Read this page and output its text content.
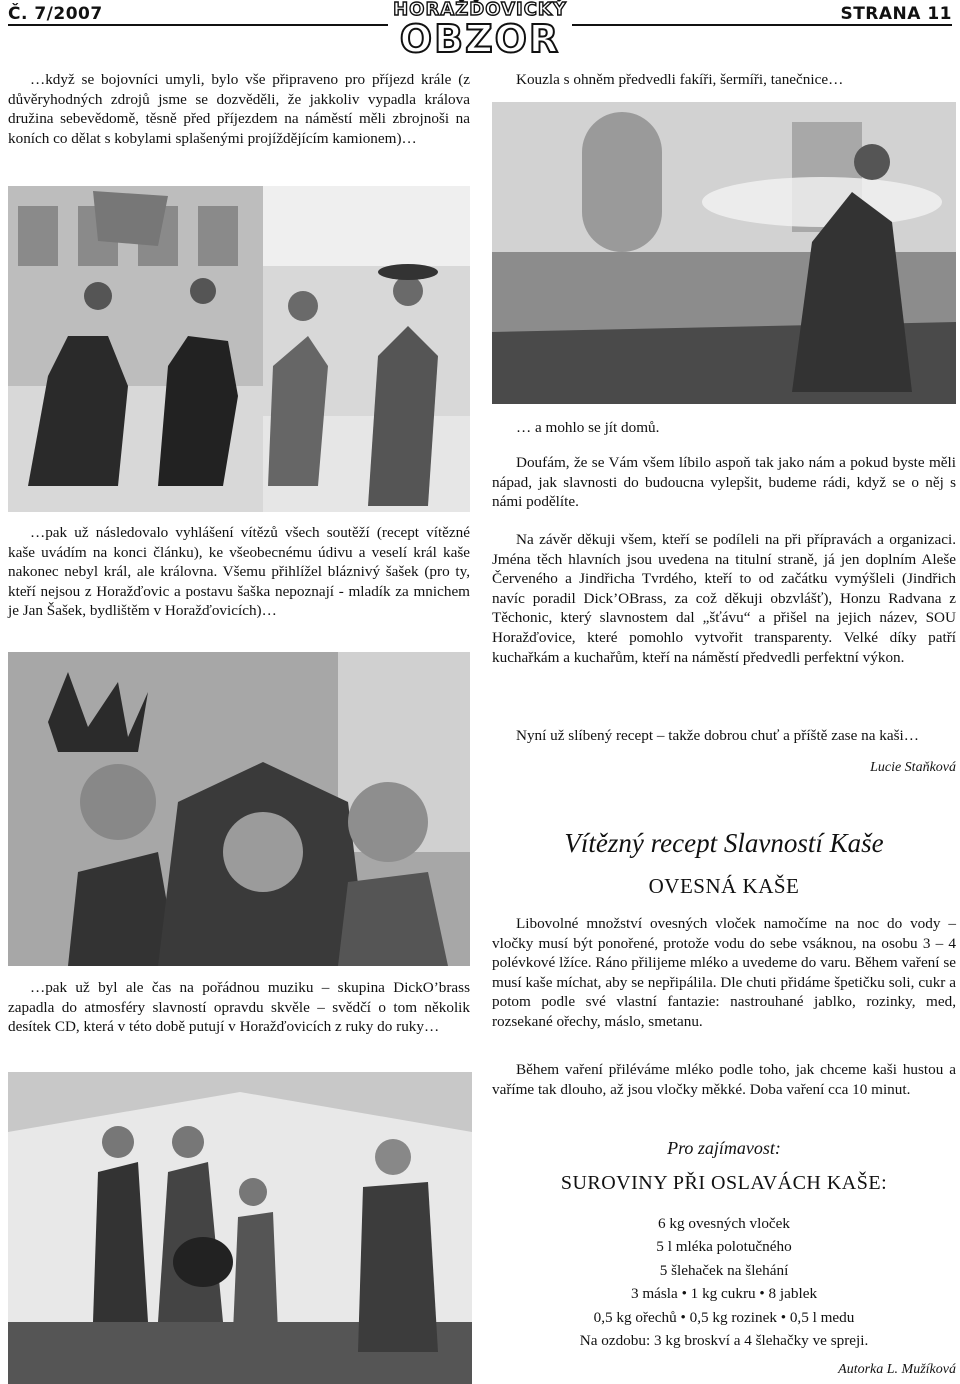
Č. 7/2007	HORAŽĎOVICKÝ
OBZOR
STRANA 11
…když se bojovníci umyli, bylo vše připraveno pro příjezd krále (z důvěryhodných zdrojů jsme se dozvěděli, že jakkoliv vypadla králova družina sebevědomě, těsně před příjezdem na náměstí měli zbrojnoši na koních co dělat s kobylami splašenými projíždějícím kamionem)…
Kouzla s ohněm předvedli fakíři, šermíři, tanečnice…
… a mohlo se jít domů.
Doufám, že se Vám všem líbilo aspoň tak jako nám a pokud byste měli nápad, jak slavnosti do budoucna vylepšit, budeme rádi, když se o něj s námi podělíte.
Na závěr děkuji všem, kteří se podíleli na při přípravách a organizaci. Jména těch hlavních jsou uvedena na titulní straně, já jen doplním Aleše Červeného a Jindřicha Tvrdého, kteří to od začátku vymýšleli (Jindřich navíc poradil Dick’OBrass, za což děkuji obzvlášť), Honzu Radvana z Těchonic, který slavnostem dal „šťávu“ a přišel na jejich název, SOU Horažďovice, které pomohlo vytvořit transparenty. Velké díky patří kuchařkám a kuchařům, kteří na náměstí předvedli perfektní výkon.
Nyní už slíbený recept – takže dobrou chuť a příště zase na kaši…
Lucie Staňková
…pak už následovalo vyhlášení vítězů všech soutěží (recept vítězné kaše uvádím na konci článku), ke všeobecnému údivu a veselí král kaše nakonec nebyl král, ale královna. Všemu přihlížel bláznivý šašek (pro ty, kteří nejsou z Horažďovic a postavu šaška nepoznají - mladík za mnichem je Jan Šašek, bydlištěm v Horažďovicích)…
…pak už byl ale čas na pořádnou muziku – skupina DickO’brass zapadla do atmosféry slavností opravdu skvěle – svědčí o tom několik desítek CD, která v této době putují v Horažďovicích z ruky do ruky…
Vítězný recept Slavností Kaše
OVESNÁ KAŠE
Libovolné množství ovesných vloček namočíme na noc do vody – vločky musí být ponořené, protože vodu do sebe vsáknou, na osobu 3 – 4 polévkové lžíce. Ráno přilijeme mléko a uvedeme do varu. Během vaření se musí kaše míchat, aby se nepřipálila. Dle chuti přidáme špetičku soli, cukr a potom podle své vlastní fantazie: nastrouhané jablko, rozinky, med, rozsekané ořechy, máslo, smetanu.
Během vaření přiléváme mléko podle toho, jak chceme kaši hustou a vaříme tak dlouho, až jsou vločky měkké. Doba vaření cca 10 minut.
Pro zajímavost:
SUROVINY PŘI OSLAVÁCH KAŠE:
6 kg ovesných vloček
5 l mléka polotučného
5 šlehaček na šlehání
3 másla • 1 kg cukru • 8 jablek
0,5 kg ořechů • 0,5 kg rozinek • 0,5 l medu
Na ozdobu: 3 kg broskví a 4 šlehačky ve spreji.
Autorka L. Mužíková
